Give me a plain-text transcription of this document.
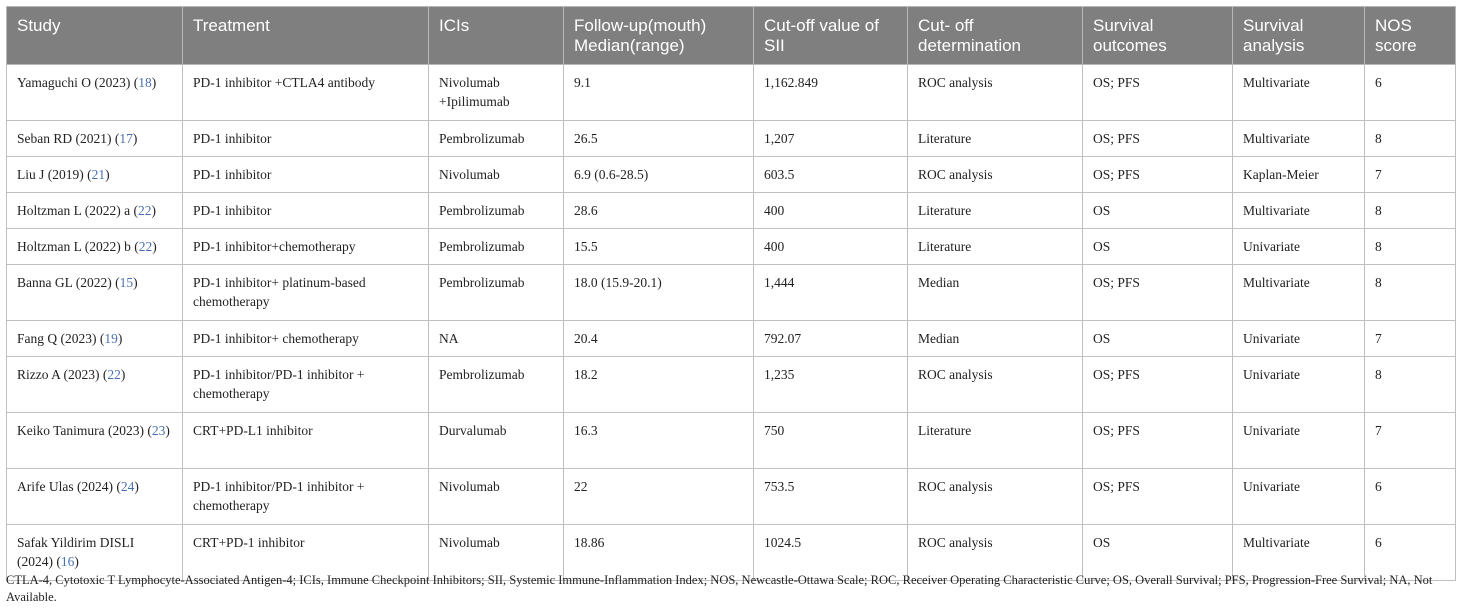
Study	Treatment	ICIs	Follow-up(mouth) Median(range)	Cut-off value of SII	Cut- off determination	Survival outcomes	Survival analysis	NOS score
Yamaguchi O (2023) (18)	PD-1 inhibitor +CTLA4 antibody	Nivolumab +Ipilimumab	9.1	1,162.849	ROC analysis	OS; PFS	Multivariate	6
Seban RD (2021) (17)	PD-1 inhibitor	Pembrolizumab	26.5	1,207	Literature	OS; PFS	Multivariate	8
Liu J (2019) (21)	PD-1 inhibitor	Nivolumab	6.9 (0.6-28.5)	603.5	ROC analysis	OS; PFS	Kaplan-Meier	7
Holtzman L (2022) a (22)	PD-1 inhibitor	Pembrolizumab	28.6	400	Literature	OS	Multivariate	8
Holtzman L (2022) b (22)	PD-1 inhibitor+chemotherapy	Pembrolizumab	15.5	400	Literature	OS	Univariate	8
Banna GL (2022) (15)	PD-1 inhibitor+ platinum-based chemotherapy	Pembrolizumab	18.0 (15.9-20.1)	1,444	Median	OS; PFS	Multivariate	8
Fang Q (2023) (19)	PD-1 inhibitor+ chemotherapy	NA	20.4	792.07	Median	OS	Univariate	7
Rizzo A (2023) (22)	PD-1 inhibitor/PD-1 inhibitor + chemotherapy	Pembrolizumab	18.2	1,235	ROC analysis	OS; PFS	Univariate	8
Keiko Tanimura (2023) (23)	CRT+PD-L1 inhibitor	Durvalumab	16.3	750	Literature	OS; PFS	Univariate	7
Arife Ulas (2024) (24)	PD-1 inhibitor/PD-1 inhibitor + chemotherapy	Nivolumab	22	753.5	ROC analysis	OS; PFS	Univariate	6
Safak Yildirim DISLI (2024) (16)	CRT+PD-1 inhibitor	Nivolumab	18.86	1024.5	ROC analysis	OS	Multivariate	6
CTLA-4, Cytotoxic T Lymphocyte-Associated Antigen-4; ICIs, Immune Checkpoint Inhibitors; SII, Systemic Immune-Inflammation Index; NOS, Newcastle-Ottawa Scale; ROC, Receiver Operating Characteristic Curve; OS, Overall Survival; PFS, Progression-Free Survival; NA, Not Available.
